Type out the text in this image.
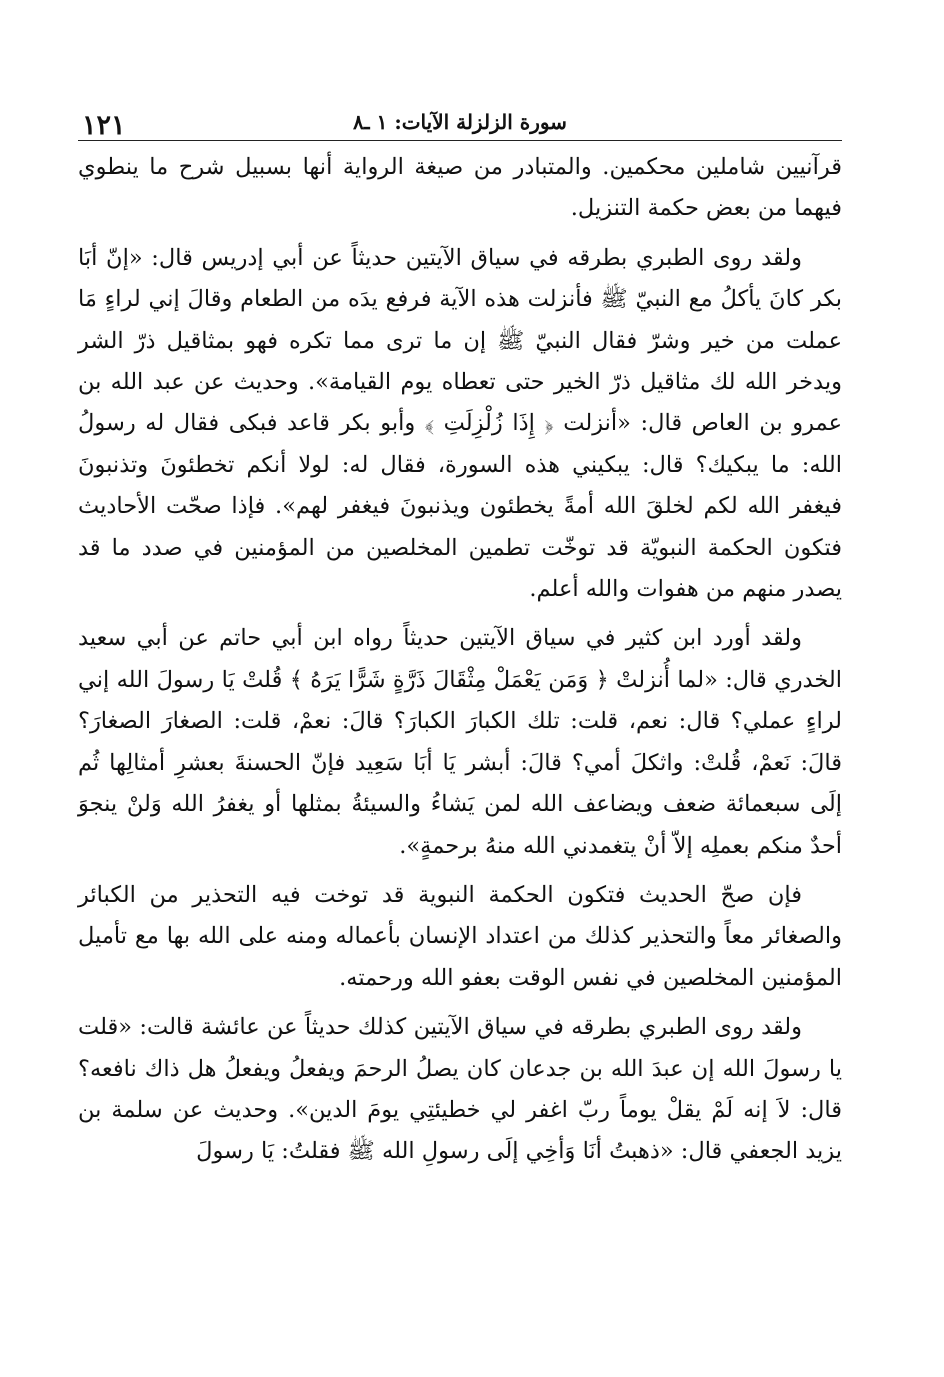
١٢١	سورة الزلزلة الآيات: ١ ـ٨

قرآنيين شاملين محكمين. والمتبادر من صيغة الرواية أنها بسبيل شرح ما ينطوي فيهما من بعض حكمة التنزيل.

ولقد روى الطبري بطرقه في سياق الآيتين حديثاً عن أبي إدريس قال: «إنّ أبَا بكر كانَ يأكلُ مع النبيّ ﷺ فأنزلت هذه الآية فرفع يدَه من الطعام وقالَ إني لراءٍ مَا عملت من خير وشرّ فقال النبيّ ﷺ إن ما ترى مما تكره فهو بمثاقيل ذرّ الشر ويدخر الله لك مثاقيل ذرّ الخير حتى تعطاه يوم القيامة». وحديث عن عبد الله بن عمرو بن العاص قال: «أنزلت ﴿ إِذَا زُلْزِلَتِ ﴾ وأبو بكر قاعد فبكى فقال له رسولُ الله: ما يبكيك؟ قال: يبكيني هذه السورة، فقال له: لولا أنكم تخطئونَ وتذنبونَ فيغفر الله لكم لخلقَ الله أمةً يخطئون ويذنبونَ فيغفر لهم». فإذا صحّت الأحاديث فتكون الحكمة النبويّة قد توخّت تطمين المخلصين من المؤمنين في صدد ما قد يصدر منهم من هفوات والله أعلم.

ولقد أورد ابن كثير في سياق الآيتين حديثاً رواه ابن أبي حاتم عن أبي سعيد الخدري قال: «لما أُنزلتْ ﴿ وَمَن يَعْمَلْ مِثْقَالَ ذَرَّةٍ شَرًّا يَرَهُ ﴾ قُلتْ يَا رسولَ الله إني لراءٍ عملي؟ قال: نعم، قلت: تلك الكبارَ الكبارَ؟ قالَ: نعمْ، قلت: الصغارَ الصغارَ؟ قالَ: نَعمْ، قُلتْ: واثكلَ أمي؟ قالَ: أبشر يَا أبَا سَعِيد فإنّ الحسنةَ بعشرِ أمثالِها ثُم إلَى سبعمائة ضعف ويضاعف الله لمن يَشاءُ والسيئةُ بمثلها أو يغفرُ الله وَلنْ ينجوَ أحدٌ منكم بعملِه إلاّ أنْ يتغمدني الله منهُ برحمةٍ».

فإن صحّ الحديث فتكون الحكمة النبوية قد توخت فيه التحذير من الكبائر والصغائر معاً والتحذير كذلك من اعتداد الإنسان بأعماله ومنه على الله بها مع تأميل المؤمنين المخلصين في نفس الوقت بعفو الله ورحمته.

ولقد روى الطبري بطرقه في سياق الآيتين كذلك حديثاً عن عائشة قالت: «قلت يا رسولَ الله إن عبدَ الله بن جدعان كان يصلُ الرحمَ ويفعلُ ويفعلُ هل ذاك نافعه؟ قال: لاَ إنه لَمْ يقلْ يوماً ربّ اغفر لي خطيئتِي يومَ الدين». وحديث عن سلمة بن يزيد الجعفي قال: «ذهبتُ أنَا وَأخِي إلَى رسولِ الله ﷺ فقلتُ: يَا رسولَ
